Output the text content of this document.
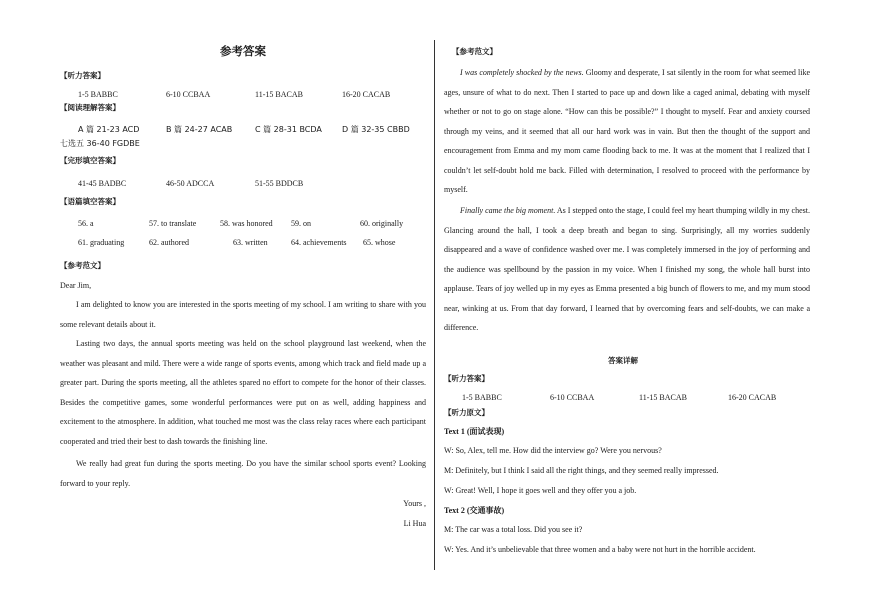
参考答案
【听力答案】
1-5 BABBC	6-10 CCBAA	11-15 BACAB	16-20 CACAB
【阅读理解答案】
A 篇 21-23 ACD	B 篇 24-27 ACAB	C 篇 28-31 BCDA	D 篇 32-35 CBBD
七选五 36-40 FGDBE
【完形填空答案】
41-45 BADBC	46-50 ADCCA	51-55 BDDCB
【语篇填空答案】
56. a	57. to translate	58. was honored 59. on	60. originally
61. graduating	62. authored	63. written	64. achievements 65. whose
【参考范文】
Dear Jim,
I am delighted to know you are interested in the sports meeting of my school. I am writing to share with you some relevant details about it.
Lasting two days, the annual sports meeting was held on the school playground last weekend, when the weather was pleasant and mild. There were a wide range of sports events, among which track and field made up a greater part. During the sports meeting, all the athletes spared no effort to compete for the honor of their classes. Besides the competitive games, some wonderful performances were put on as well, adding happiness and excitement to the atmosphere. In addition, what touched me most was the class relay races where each participant cooperated and tried their best to dash towards the finishing line.
We really had great fun during the sports meeting. Do you have the similar school sports event? Looking forward to your reply.
Yours ,
Li Hua
【参考范文】
I was completely shocked by the news. Gloomy and desperate, I sat silently in the room for what seemed like ages, unsure of what to do next. Then I started to pace up and down like a caged animal, debating with myself whether or not to go on stage alone. “How can this be possible?” I thought to myself. Fear and anxiety coursed through my veins, and it seemed that all our hard work was in vain. But then the thought of the support and encouragement from Emma and my mom came flooding back to me. It was at the moment that I realized that I couldn’t let self-doubt hold me back. Filled with determination, I resolved to proceed with the performance by myself.
Finally came the big moment. As I stepped onto the stage, I could feel my heart thumping wildly in my chest. Glancing around the hall, I took a deep breath and began to sing. Surprisingly, all my worries suddenly disappeared and a wave of confidence washed over me. I was completely immersed in the joy of performing and the audience was spellbound by the passion in my voice. When I finished my song, the whole hall burst into applause. Tears of joy welled up in my eyes as Emma presented a big bunch of flowers to me, and my mum stood near, winking at us. From that day forward, I learned that by overcoming fears and self-doubts, we can make a difference.
答案详解
【听力答案】
1-5 BABBC	6-10 CCBAA	11-15 BACAB	16-20 CACAB
【听力原文】
Text 1 (面试表现)
W: So, Alex, tell me. How did the interview go? Were you nervous?
M: Definitely, but I think I said all the right things, and they seemed really impressed.
W: Great! Well, I hope it goes well and they offer you a job.
Text 2 (交通事故)
M: The car was a total loss. Did you see it?
W: Yes. And it’s unbelievable that three women and a baby were not hurt in the horrible accident.
